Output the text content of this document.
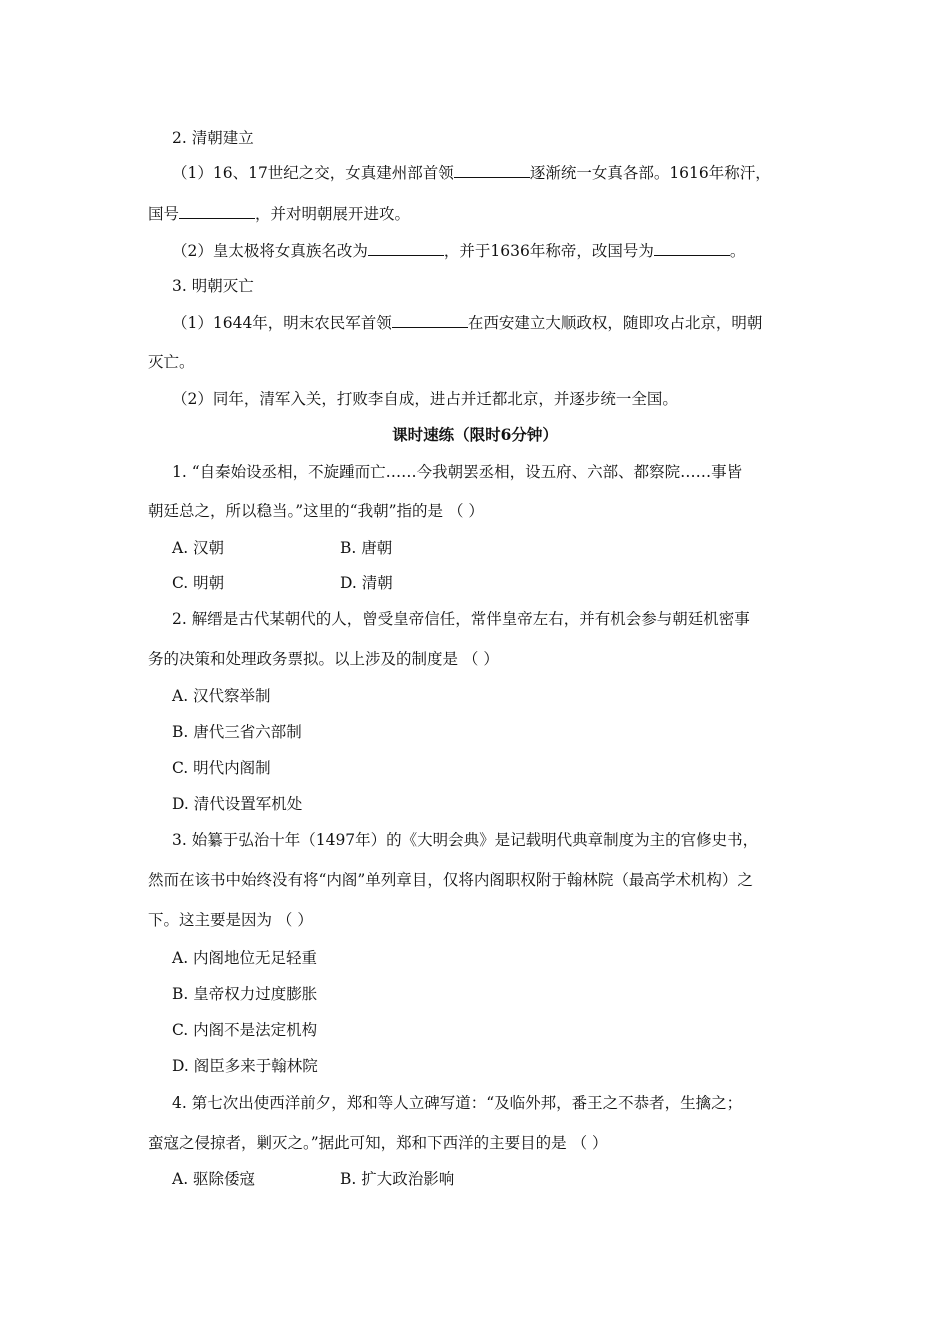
2. 清朝建立
（1）16、17世纪之交，女真建州部首领	逐渐统一女真各部。1616年称汗，
国号	，并对明朝展开进攻。
（2）皇太极将女真族名改为	，并于1636年称帝，改国号为	。
3. 明朝灭亡
（1）1644年，明末农民军首领	在西安建立大顺政权，随即攻占北京，明朝
灭亡。
（2）同年，清军入关，打败李自成，进占并迁都北京，并逐步统一全国。
课时速练（限时6分钟）
1. “自秦始设丞相，不旋踵而亡……今我朝罢丞相，设五府、六部、都察院……事皆
朝廷总之，所以稳当。”这里的“我朝”指的是 （ ）
A. 汉朝	B. 唐朝
C. 明朝	D. 清朝
2. 解缙是古代某朝代的人，曾受皇帝信任，常伴皇帝左右，并有机会参与朝廷机密事
务的决策和处理政务票拟。以上涉及的制度是 （ ）
A. 汉代察举制
B. 唐代三省六部制
C. 明代内阁制
D. 清代设置军机处
3. 始纂于弘治十年（1497年）的《大明会典》是记载明代典章制度为主的官修史书，
然而在该书中始终没有将“内阁”单列章目，仅将内阁职权附于翰林院（最高学术机构）之
下。这主要是因为 （ ）
A. 内阁地位无足轻重
B. 皇帝权力过度膨胀
C. 内阁不是法定机构
D. 阁臣多来于翰林院
4. 第七次出使西洋前夕，郑和等人立碑写道：“及临外邦，番王之不恭者，生擒之；
蛮寇之侵掠者，剿灭之。”据此可知，郑和下西洋的主要目的是 （ ）
A. 驱除倭寇	B. 扩大政治影响
